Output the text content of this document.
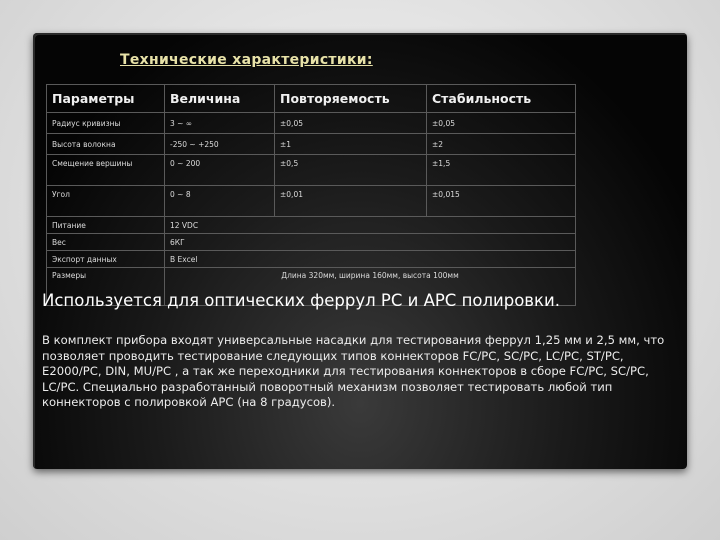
Технические характеристики:
Параметры	Величина	Повторяемость	Стабильность
Радиус кривизны	3 ~ ∞	±0,05	±0,05
Высота волокна	-250 ~ +250	±1	±2
Смещение вершины	0 ~ 200	±0,5	±1,5
Угол	0 ~ 8	±0,01	±0,015
Питание	12 VDC		
Вес	6КГ		
Экспорт данных	В Excel		
Размеры	Длина 320мм, ширина 160мм, высота 100мм		

Используется для оптических феррул PC и APC полировки.

В комплект прибора входят универсальные насадки для тестирования феррул 1,25 мм и 2,5 мм, что позволяет проводить тестирование следующих типов коннекторов FC/PC, SC/PC, LC/PC, ST/PC, E2000/PC, DIN, MU/PC , а так же переходники для тестирования коннекторов в сборе FC/PC, SC/PC, LC/PC. Специально разработанный поворотный механизм позволяет тестировать любой тип коннекторов с полировкой APC (на 8 градусов).
